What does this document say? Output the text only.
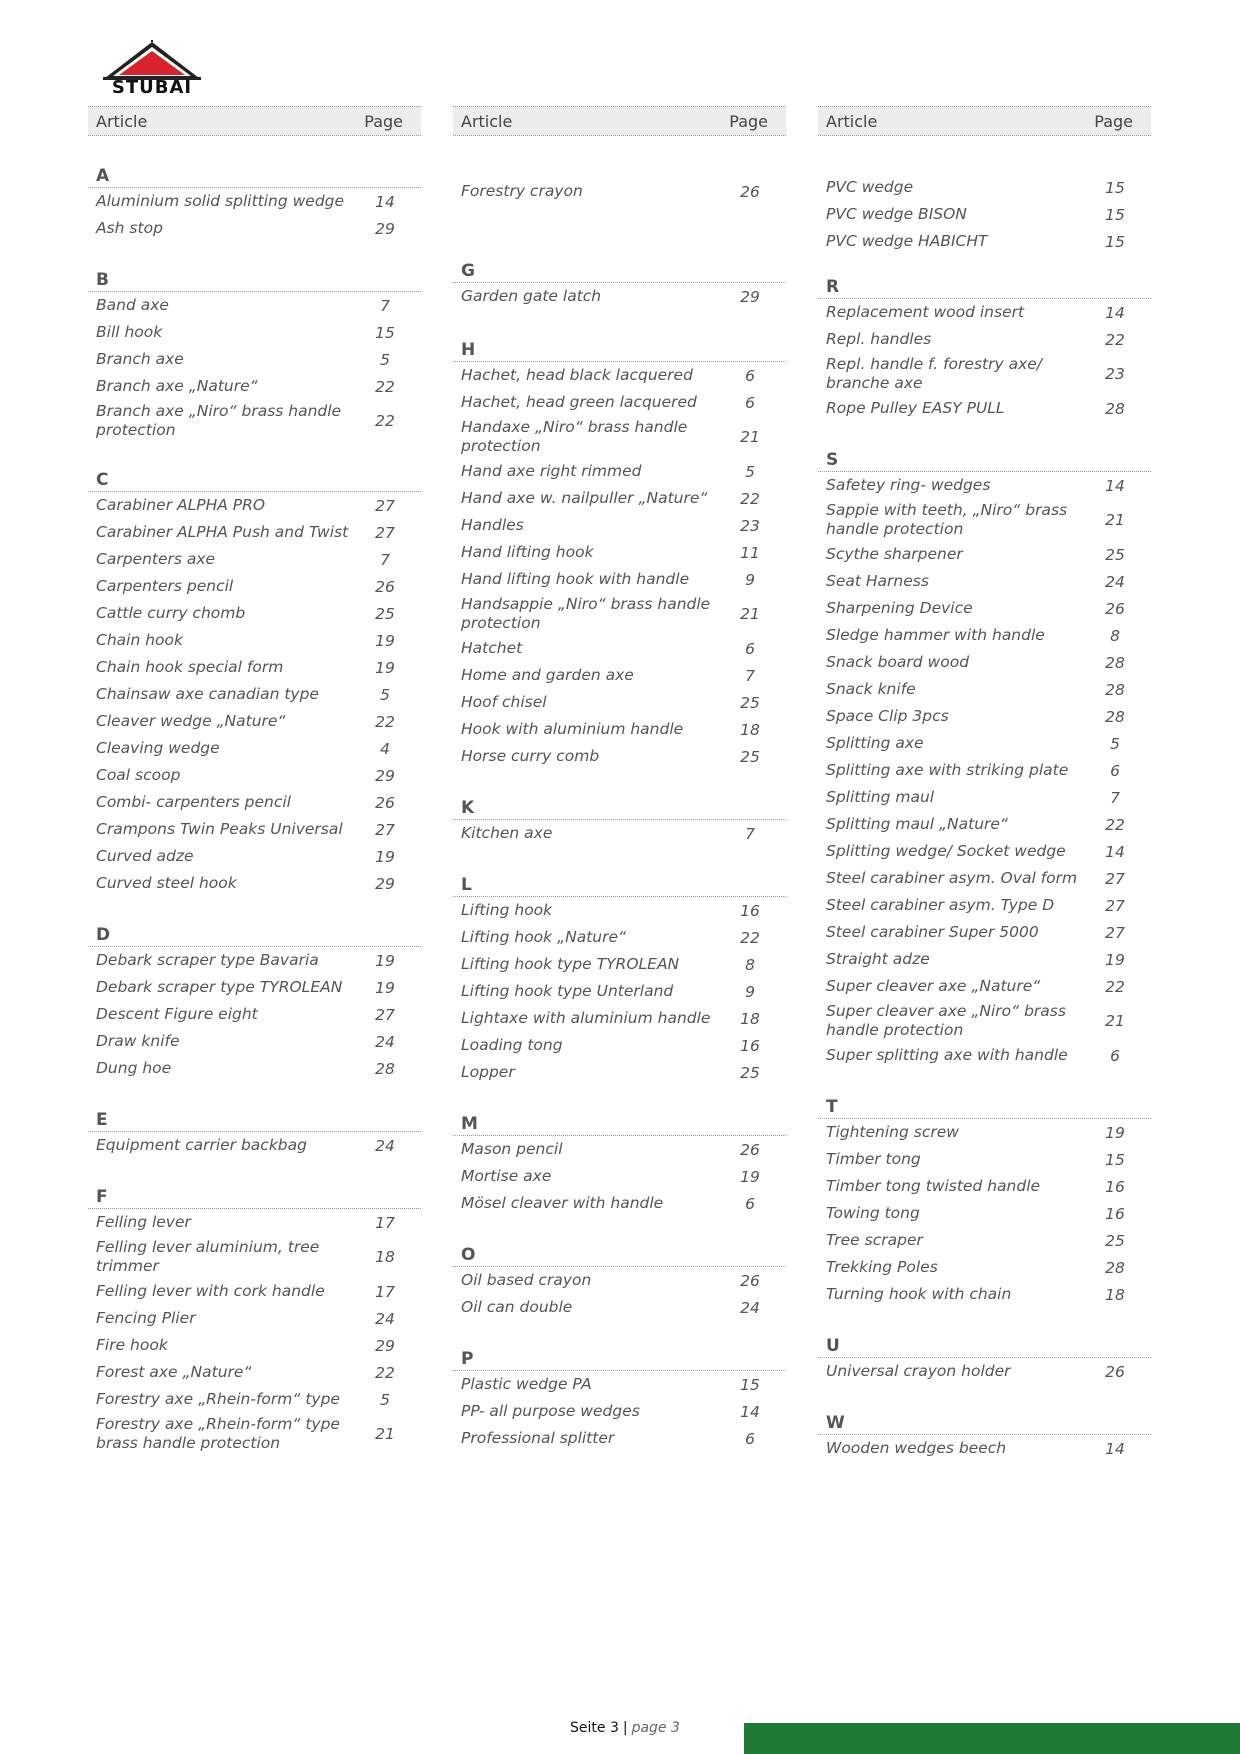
STUBAI
Article	Page
A
Aluminium solid splitting wedge	14
Ash stop	29
B
Band axe	7
Bill hook	15
Branch axe	5
Branch axe „Nature“	22
Branch axe „Niro“ brass handle protection	22
C
Carabiner ALPHA PRO	27
Carabiner ALPHA Push and Twist	27
Carpenters axe	7
Carpenters pencil	26
Cattle curry chomb	25
Chain hook	19
Chain hook special form	19
Chainsaw axe canadian type	5
Cleaver wedge „Nature“	22
Cleaving wedge	4
Coal scoop	29
Combi- carpenters pencil	26
Crampons Twin Peaks Universal	27
Curved adze	19
Curved steel hook	29
D
Debark scraper type Bavaria	19
Debark scraper type TYROLEAN	19
Descent Figure eight	27
Draw knife	24
Dung hoe	28
E
Equipment carrier backbag	24
F
Felling lever	17
Felling lever aluminium, tree trimmer	18
Felling lever with cork handle	17
Fencing Plier	24
Fire hook	29
Forest axe „Nature“	22
Forestry axe „Rhein-form“ type	5
Forestry axe „Rhein-form“ type brass handle protection	21
Article	Page
Forestry crayon	26
G
Garden gate latch	29
H
Hachet, head black lacquered	6
Hachet, head green lacquered	6
Handaxe „Niro“ brass handle protection	21
Hand axe right rimmed	5
Hand axe w. nailpuller „Nature“	22
Handles	23
Hand lifting hook	11
Hand lifting hook with handle	9
Handsappie „Niro“ brass handle protection	21
Hatchet	6
Home and garden axe	7
Hoof chisel	25
Hook with aluminium handle	18
Horse curry comb	25
K
Kitchen axe	7
L
Lifting hook	16
Lifting hook „Nature“	22
Lifting hook type TYROLEAN	8
Lifting hook type Unterland	9
Lightaxe with aluminium handle	18
Loading tong	16
Lopper	25
M
Mason pencil	26
Mortise axe	19
Mösel cleaver with handle	6
O
Oil based crayon	26
Oil can double	24
P
Plastic wedge PA	15
PP- all purpose wedges	14
Professional splitter	6
Article	Page
PVC wedge	15
PVC wedge BISON	15
PVC wedge HABICHT	15
R
Replacement wood insert	14
Repl. handles	22
Repl. handle f. forestry axe/ branche axe	23
Rope Pulley EASY PULL	28
S
Safetey ring- wedges	14
Sappie with teeth, „Niro“ brass handle protection	21
Scythe sharpener	25
Seat Harness	24
Sharpening Device	26
Sledge hammer with handle	8
Snack board wood	28
Snack knife	28
Space Clip 3pcs	28
Splitting axe	5
Splitting axe with striking plate	6
Splitting maul	7
Splitting maul „Nature“	22
Splitting wedge/ Socket wedge	14
Steel carabiner asym. Oval form	27
Steel carabiner asym. Type D	27
Steel carabiner Super 5000	27
Straight adze	19
Super cleaver axe „Nature“	22
Super cleaver axe „Niro“ brass handle protection	21
Super splitting axe with handle	6
T
Tightening screw	19
Timber tong	15
Timber tong twisted handle	16
Towing tong	16
Tree scraper	25
Trekking Poles	28
Turning hook with chain	18
U
Universal crayon holder	26
W
Wooden wedges beech	14
Seite 3 | page 3
